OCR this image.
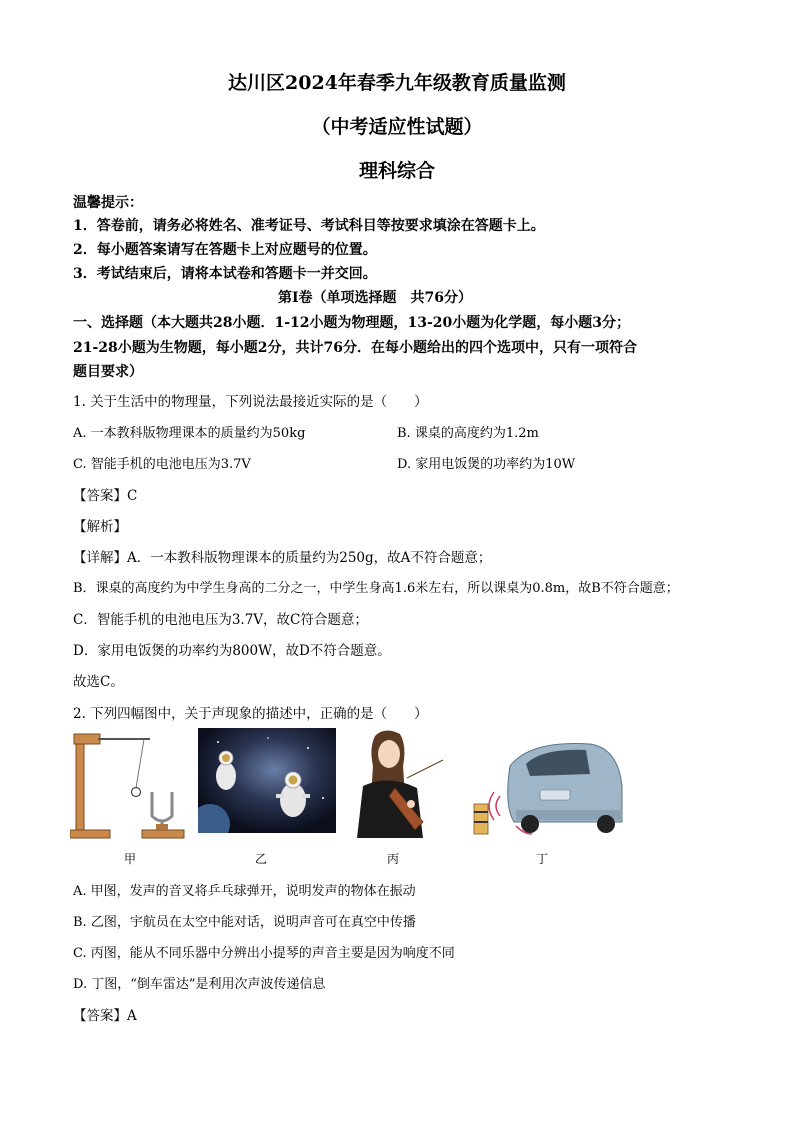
达川区2024年春季九年级教育质量监测
（中考适应性试题）
理科综合
温馨提示：
1．答卷前，请务必将姓名、准考证号、考试科目等按要求填涂在答题卡上。
2．每小题答案请写在答题卡上对应题号的位置。
3．考试结束后，请将本试卷和答题卡一并交回。
第Ⅰ卷（单项选择题　共76分）
一、选择题（本大题共28小题．1-12小题为物理题，13-20小题为化学题，每小题3分；
21-28小题为生物题，每小题2分，共计76分．在每小题给出的四个选项中，只有一项符合
题目要求）
1. 关于生活中的物理量，下列说法最接近实际的是（　　）
A. 一本教科版物理课本的质量约为50kg	B. 课桌的高度约为1.2m
C. 智能手机的电池电压为3.7V	D. 家用电饭煲的功率约为10W
【答案】C
【解析】
【详解】A．一本教科版物理课本的质量约为250g，故A不符合题意；
B．课桌的高度约为中学生身高的二分之一，中学生身高1.6米左右，所以课桌为0.8m，故B不符合题意；
C．智能手机的电池电压为3.7V，故C符合题意；
D．家用电饭煲的功率约为800W，故D不符合题意。
故选C。
2. 下列四幅图中，关于声现象的描述中，正确的是（　　）
甲	乙	丙	丁
A. 甲图，发声的音叉将乒乓球弹开，说明发声的物体在振动
B. 乙图，宇航员在太空中能对话，说明声音可在真空中传播
C. 丙图，能从不同乐器中分辨出小提琴的声音主要是因为响度不同
D. 丁图，“倒车雷达”是利用次声波传递信息
【答案】A
